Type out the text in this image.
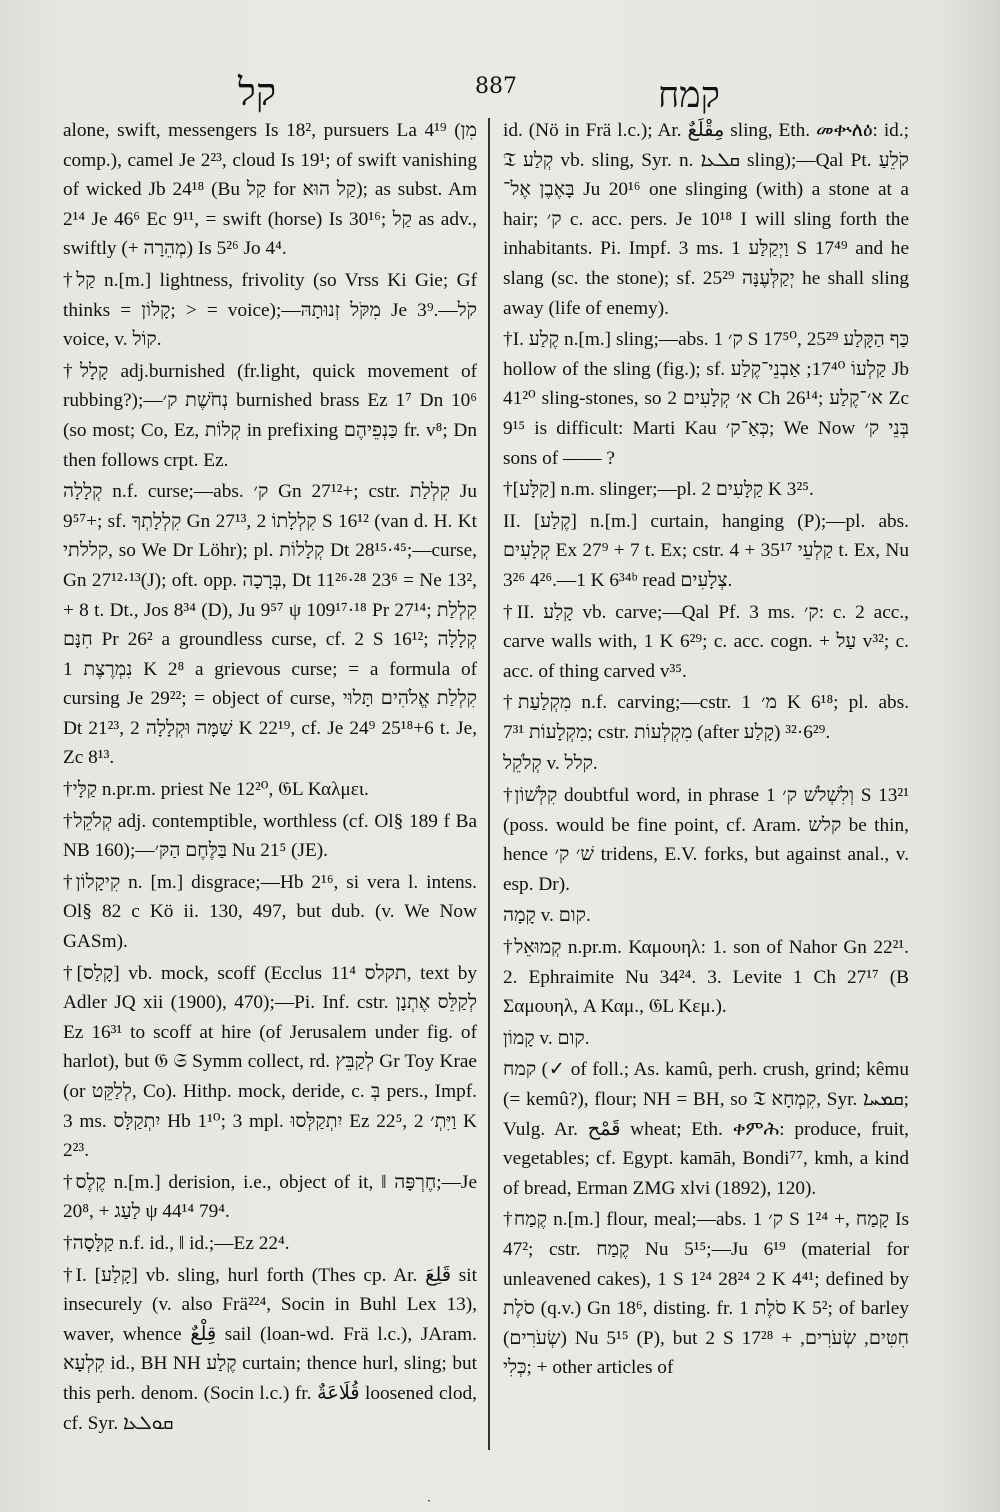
קל	887	קמח

alone, swift, messengers Is 18², pursuers La 4¹⁹ (מִן comp.), camel Je 2²³, cloud Is 19¹; of swift vanishing of wicked Jb 24¹⁸ (Bu קַל for קַל הוּא); as subst. Am 2¹⁴ Je 46⁶ Ec 9¹¹, = swift (horse) Is 30¹⁶; קַל as adv., swiftly (+ מְהֵרָה) Is 5²⁶ Jo 4⁴.

†קַל n.[m.] lightness, frivolity (so Vrss Ki Gie; Gf thinks = קָלוֹן; > = voice);—מִקֹּל זְנוּתָהּ Je 3⁹.—קֹל voice, v. קוֹל.

†קָלָל adj.burnished (fr.light, quick movement of rubbing?);—נְחֹשֶׁת ק׳ burnished brass Ez 1⁷ Dn 10⁶ (so most; Co, Ez, קְלוֹת in prefixing כַּנְפֵיהֶם fr. v⁸; Dn then follows crpt. Ez.

קְלָלָה n.f. curse;—abs. ק׳ Gn 27¹²+; cstr. קִלְלַת Ju 9⁵⁷+; sf. קִלְלָתְךָ Gn 27¹³, קִלְלָתוֹ 2 S 16¹² (van d. H. Kt קללתי, so We Dr Löhr); pl. קְלָלוֹת Dt 28¹⁵·⁴⁵;—curse, Gn 27¹²·¹³(J); oft. opp. בְּרָכָה, Dt 11²⁶·²⁸ 23⁶ = Ne 13², + 8 t. Dt., Jos 8³⁴ (D), Ju 9⁵⁷ ψ 109¹⁷·¹⁸ Pr 27¹⁴; קִלְלַת חִנָּם Pr 26² a groundless curse, cf. 2 S 16¹²; קְלָלָה נִמְרֶצֶת 1 K 2⁸ a grievous curse; = a formula of cursing Je 29²²; = object of curse, קִלְלַת אֱלֹהִים תָּלוּי Dt 21²³, שַׁמָּה וּקְלָלָה 2 K 22¹⁹, cf. Je 24⁹ 25¹⁸+6 t. Je, Zc 8¹³.

†קַלָּי n.pr.m. priest Ne 12²⁰, 𝔊L Καλμει.

†קְלֹקֵל adj. contemptible, worthless (cf. Ol§ 189 f Ba NB 160);—בַּלֶּחֶם הַקּ׳ Nu 21⁵ (JE).

†קִיקָלוֹן n. [m.] disgrace;—Hb 2¹⁶, si vera l. intens. Ol§ 82 c Kö ii. 130, 497, but dub. (v. We Now GASm).

†[קָלַס] vb. mock, scoff (Ecclus 11⁴ תקלס, text by Adler JQ xii (1900), 470);—Pi. Inf. cstr. לְקַלֵּס אֶתְנָן Ez 16³¹ to scoff at hire (of Jerusalem under fig. of harlot), but 𝔊 𝔖 Symm collect, rd. לְקַבֵּץ Gr Toy Krae (or לְלַקֵּט, Co). Hithp. mock, deride, c. בְּ pers., Impf. 3 ms. יִתְקַלָּס Hb 1¹⁰; 3 mpl. יִתְקַלְּסוּ Ez 22⁵, וַיִּתְ׳ 2 K 2²³.

†קֶלֶס n.[m.] derision, i.e., object of it, ‖ חֶרְפָּה;—Je 20⁸, + לַעַג ψ 44¹⁴ 79⁴.

†קַלָּסָה n.f. id., ‖ id.;—Ez 22⁴.

†I. [קָלַע] vb. sling, hurl forth (Thes cp. Ar. قَلِعَ sit insecurely (v. also Frä²²⁴, Socin in Buhl Lex 13), waver, whence قِلْعٌ sail (loan-wd. Frä l.c.), JAram. קִלְעָא id., BH NH קֶלַע curtain; thence hurl, sling; but this perh. denom. (Socin l.c.) fr. قُلَاعَةٌ loosened clod, cf. Syr. ܩܘܠܥܐ

id. (Nö in Frä l.c.); Ar. مِقْلَعٌ sling, Eth. መቍለዕ: id.; 𝔗 קְלַע vb. sling, Syr. n. ܩܠܥܐ sling);—Qal Pt. קֹלֵעַ בָּאֶבֶן אֶל־ Ju 20¹⁶ one slinging (with) a stone at a hair; ק׳ c. acc. pers. Je 10¹⁸ I will sling forth the inhabitants. Pi. Impf. 3 ms. וַיְקַלַּע 1 S 17⁴⁹ and he slang (sc. the stone); sf. יְקַלְּעֶנָּה 25²⁹ he shall sling away (life of enemy).

†I. קֶלַע n.[m.] sling;—abs. ק׳ 1 S 17⁵⁰, כַּף הַקָּלַע 25²⁹ hollow of the sling (fig.); sf. קַלְעוֹ 17⁴⁰; אַבְנֵי־קֶלַע Jb 41²⁰ sling-stones, so א׳ קְלָעִים 2 Ch 26¹⁴; א׳־קֶלַע Zc 9¹⁵ is difficult: Marti Kau כְּאַ־ק׳; We Now בְּנֵי ק׳ sons of —— ?

†[קַלָּע] n.m. slinger;—pl. קַלָּעִים 2 K 3²⁵.

II. [קֶלַע] n.[m.] curtain, hanging (P);—pl. abs. קְלָעִים Ex 27⁹ + 7 t. Ex; cstr. קַלְעֵי 35¹⁷ + 4 t. Ex, Nu 3²⁶ 4²⁶.—1 K 6³⁴ᵇ read צְלָעִים.

†II. קָלַע vb. carve;—Qal Pf. 3 ms. ק׳: c. 2 acc., carve walls with, 1 K 6²⁹; c. acc. cogn. + עַל v³²; c. acc. of thing carved v³⁵.

†מִקְלַעַת n.f. carving;—cstr. מ׳ 1 K 6¹⁸; pl. abs. מִקְלָעוֹת 7³¹; cstr. מִקְלְעוֹת (after קָלַע) 6²⁹·³².

קְלֹקֵל v. קלל.

†קִלְּשׁוֹן doubtful word, in phrase וְלִשְׁלֹשׁ ק׳ 1 S 13²¹ (poss. would be fine point, cf. Aram. קלש be thin, hence שׁ׳ ק׳ tridens, E.V. forks, but against anal., v. esp. Dr).

קָמָה v. קום.

†קְמוּאֵל n.pr.m. Καμουηλ: 1. son of Nahor Gn 22²¹. 2. Ephraimite Nu 34²⁴. 3. Levite 1 Ch 27¹⁷ (B Σαμουηλ, A Καμ., 𝔊L Κεμ.).

קָמוֹן v. קום.

קמח (✓ of foll.; As. kamû, perh. crush, grind; kêmu (= kemû?), flour; NH = BH, so 𝔗 קִמְחָא, Syr. ܩܡܚܐ; Vulg. Ar. قَمْح wheat; Eth. ቀምሕ: produce, fruit, vegetables; cf. Egypt. kamāh, Bondi⁷⁷, kmh, a kind of bread, Erman ZMG xlvi (1892), 120).

†קֶמַח n.[m.] flour, meal;—abs. ק׳ 1 S 1²⁴ +, קָמַח Is 47²; cstr. קֶמַח Nu 5¹⁵;—Ju 6¹⁹ (material for unleavened cakes), 1 S 1²⁴ 28²⁴ 2 K 4⁴¹; defined by סֹלֶת (q.v.) Gn 18⁶, disting. fr. סֹלֶת 1 K 5²; of barley (שְׂעֹרִים) Nu 5¹⁵ (P), but 2 S 17²⁸ + חִטִּים, שְׂעֹרִים, כְּלִי; + other articles of

·
